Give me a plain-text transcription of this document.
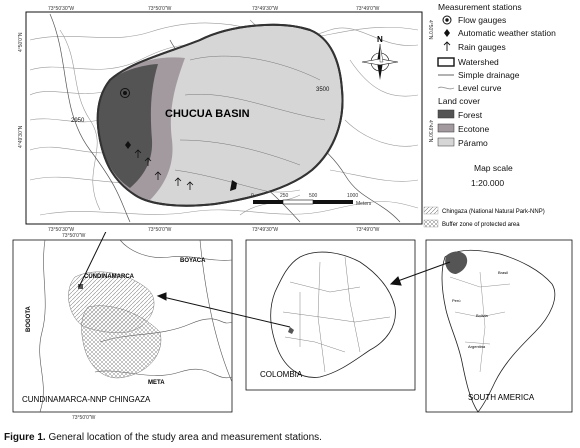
CHUCUA BASIN
3500
2950
N
0	250	500	1000
Meters
73°50'30"W	73°50'0"W	73°49'30"W	73°49'0"W
73°50'30"W	73°50'0"W	73°49'30"W	73°49'0"W
4°50'0"N
4°49'30"N
4°50'0"N
4°49'30"N
Measurement stations
Flow gauges
Automatic weather station
Rain gauges
Watershed
Simple drainage
Level curve
Land cover
Forest
Ecotone
Páramo
Map scale
1:20.000
Chingaza (National Natural Park-NNP)
Buffer zone of protected area
CUNDINAMARCA
BOYACA
BOGOTA
META
73°50'0"W
73°50'0"W
CUNDINAMARCA-NNP CHINGAZA
COLOMBIA
Brasil
Perú
Bolivia
Argentina
SOUTH AMERICA
Figure 1. General location of the study area and measurement stations.
